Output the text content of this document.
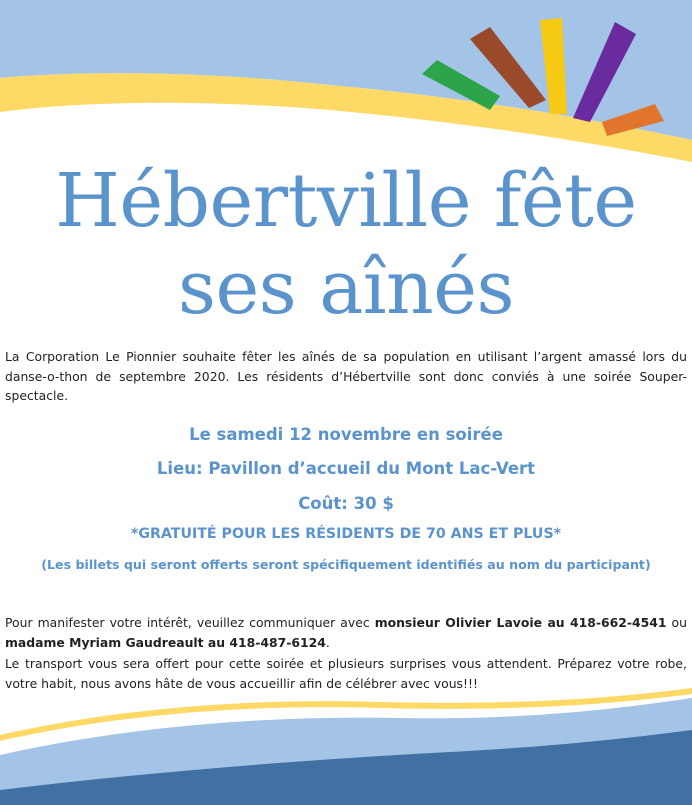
Hébertville fête
ses aînés

La Corporation Le Pionnier souhaite fêter les aînés de sa population en utilisant l’argent amassé lors du danse-o-thon de septembre 2020. Les résidents d’Hébertville sont donc conviés à une soirée Souper-spectacle.

Le samedi 12 novembre en soirée

Lieu: Pavillon d’accueil du Mont Lac-Vert

Coût: 30 $

*GRATUITÉ POUR LES RÉSIDENTS DE 70 ANS ET PLUS*

(Les billets qui seront offerts seront spécifiquement identifiés au nom du participant)

Pour manifester votre intérêt, veuillez communiquer avec monsieur Olivier Lavoie au 418-662-4541 ou madame Myriam Gaudreault au 418-487-6124.

Le transport vous sera offert pour cette soirée et plusieurs surprises vous attendent. Préparez votre robe, votre habit, nous avons hâte de vous accueillir afin de célébrer avec vous!!!
